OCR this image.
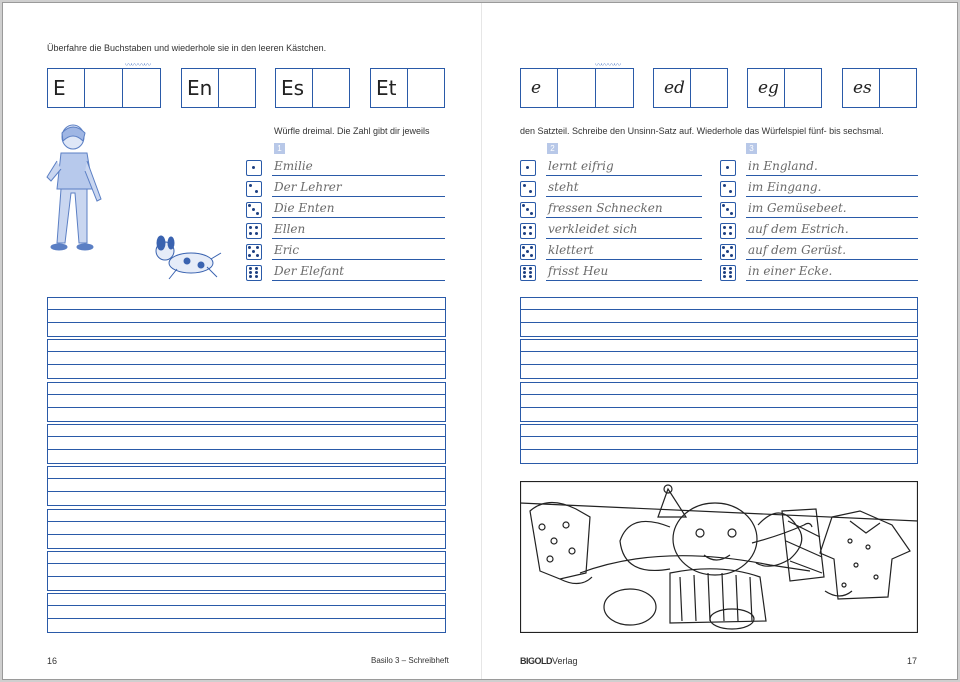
Überfahre die Buchstaben und wiederhole sie in den leeren Kästchen.
〰〰 〰〰
E	En	Es	Et
Würfle dreimal. Die Zahl gibt dir jeweils
1
Emilie
Der Lehrer
Die Enten
Ellen
Eric
Der Elefant
16	Basilo 3 – Schreibheft
〰〰 〰〰
e	ed	eg	es
den Satzteil. Schreibe den Unsinn-Satz auf. Wiederhole das Würfelspiel fünf- bis sechsmal.
2	3
lernt eifrig	in England.
steht	im Eingang.
fressen Schnecken	im Gemüsebeet.
verkleidet sich	auf dem Estrich.
klettert	auf dem Gerüst.
frisst Heu	in einer Ecke.
BIGOLDVerlag	17
